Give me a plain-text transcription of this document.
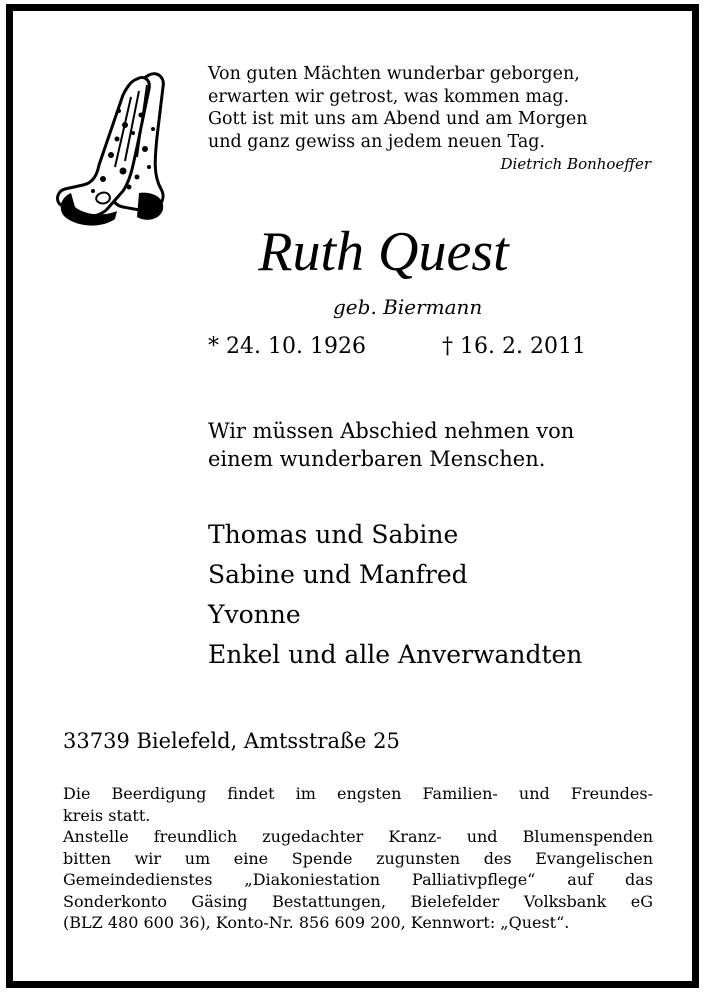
Von guten Mächten wunderbar geborgen,
erwarten wir getrost, was kommen mag.
Gott ist mit uns am Abend und am Morgen
und ganz gewiss an jedem neuen Tag.
Dietrich Bonhoeffer
Ruth Quest
geb. Biermann
* 24. 10. 1926	† 16. 2. 2011
Wir müssen Abschied nehmen von
einem wunderbaren Menschen.
Thomas und Sabine
Sabine und Manfred
Yvonne
Enkel und alle Anverwandten
33739 Bielefeld, Amtsstraße 25
Die Beerdigung findet im engsten Familien- und Freundes-
kreis statt.
Anstelle freundlich zugedachter Kranz- und Blumenspenden
bitten wir um eine Spende zugunsten des Evangelischen
Gemeindedienstes „Diakoniestation Palliativpflege“ auf das
Sonderkonto Gäsing Bestattungen, Bielefelder Volksbank eG
(BLZ 480 600 36), Konto-Nr. 856 609 200, Kennwort: „Quest“.
